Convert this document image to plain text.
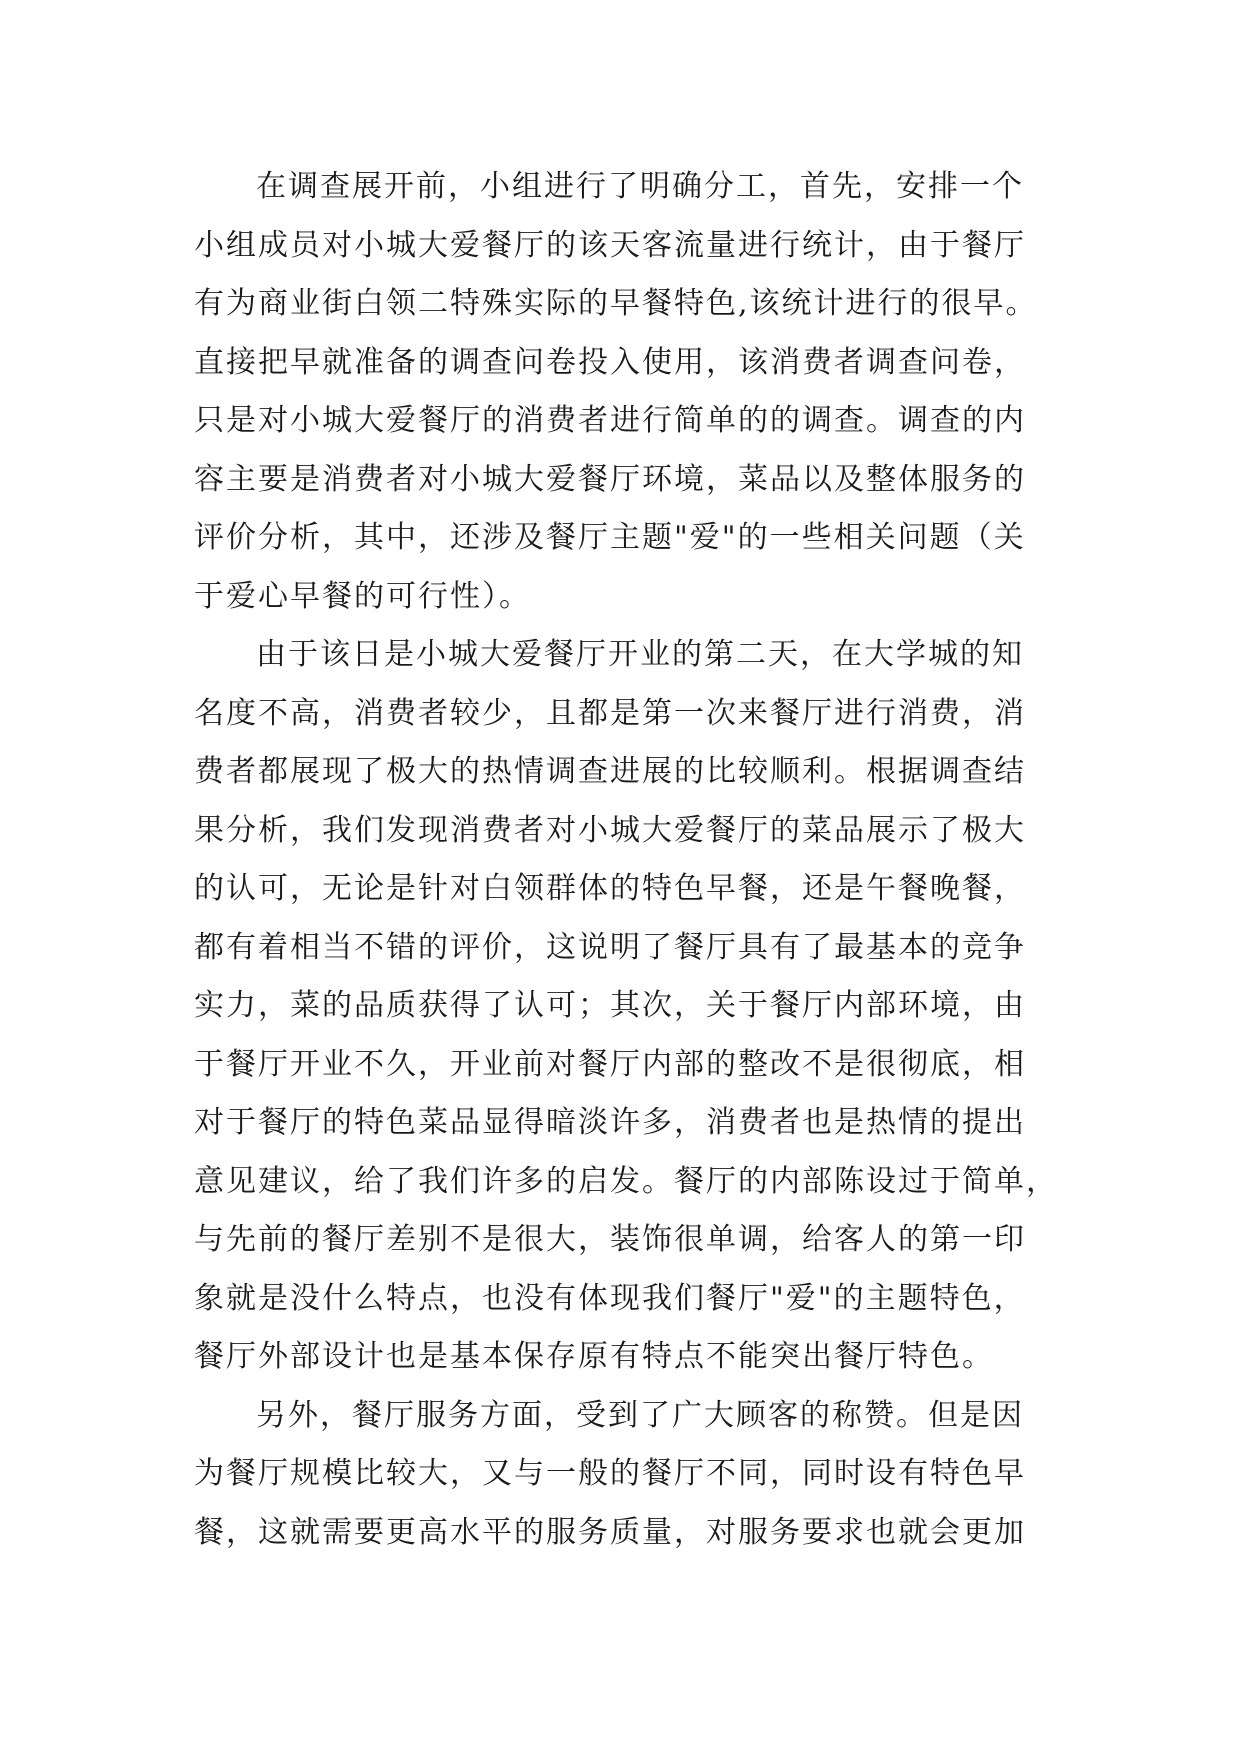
在调查展开前，小组进行了明确分工，首先，安排一个
小组成员对小城大爱餐厅的该天客流量进行统计，由于餐厅
有为商业街白领二特殊实际的早餐特色,该统计进行的很早。
直接把早就准备的调查问卷投入使用，该消费者调查问卷，
只是对小城大爱餐厅的消费者进行简单的的调查。调查的内
容主要是消费者对小城大爱餐厅环境，菜品以及整体服务的
评价分析，其中，还涉及餐厅主题"爱"的一些相关问题（关
于爱心早餐的可行性）。
由于该日是小城大爱餐厅开业的第二天，在大学城的知
名度不高，消费者较少，且都是第一次来餐厅进行消费，消
费者都展现了极大的热情调查进展的比较顺利。根据调查结
果分析，我们发现消费者对小城大爱餐厅的菜品展示了极大
的认可，无论是针对白领群体的特色早餐，还是午餐晚餐，
都有着相当不错的评价，这说明了餐厅具有了最基本的竞争
实力，菜的品质获得了认可；其次，关于餐厅内部环境，由
于餐厅开业不久，开业前对餐厅内部的整改不是很彻底，相
对于餐厅的特色菜品显得暗淡许多，消费者也是热情的提出
意见建议，给了我们许多的启发。餐厅的内部陈设过于简单，
与先前的餐厅差别不是很大，装饰很单调，给客人的第一印
象就是没什么特点，也没有体现我们餐厅"爱"的主题特色，
餐厅外部设计也是基本保存原有特点不能突出餐厅特色。
另外，餐厅服务方面，受到了广大顾客的称赞。但是因
为餐厅规模比较大，又与一般的餐厅不同，同时设有特色早
餐，这就需要更高水平的服务质量，对服务要求也就会更加
